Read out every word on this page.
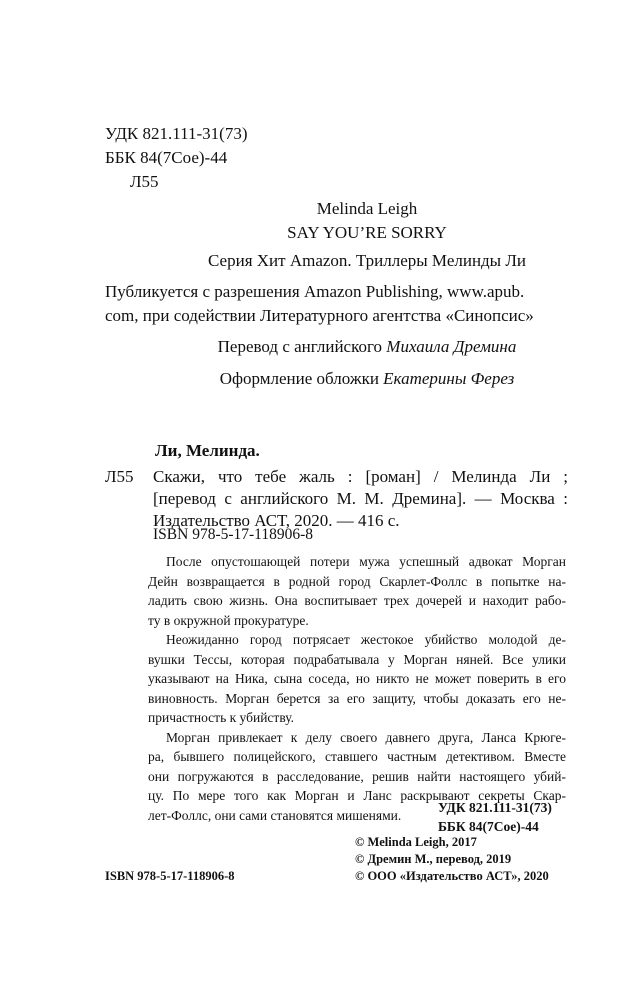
УДК 821.111-31(73)
ББК 84(7Сое)-44
Л55
Melinda Leigh
SAY YOU’RE SORRY
Серия Хит Amazon. Триллеры Мелинды Ли
Публикуется с разрешения Amazon Publishing, www.apub.
com, при содействии Литературного агентства «Синопсис»
Перевод с английского Михаила Дремина
Оформление обложки Екатерины Ферез
Ли, Мелинда.
Л55 Скажи, что тебе жаль : [роман] / Мелинда Ли ;
[перевод с английского М. М. Дремина]. — Москва :
Издательство АСТ, 2020. — 416 с.
ISBN 978-5-17-118906-8
После опустошающей потери мужа успешный адвокат Морган
Дейн возвращается в родной город Скарлет-Фоллс в попытке на-
ладить свою жизнь. Она воспитывает трех дочерей и находит рабо-
ту в окружной прокуратуре.
Неожиданно город потрясает жестокое убийство молодой де-
вушки Тессы, которая подрабатывала у Морган няней. Все улики
указывают на Ника, сына соседа, но никто не может поверить в его
виновность. Морган берется за его защиту, чтобы доказать его не-
причастность к убийству.
Морган привлекает к делу своего давнего друга, Ланса Крюге-
ра, бывшего полицейского, ставшего частным детективом. Вместе
они погружаются в расследование, решив найти настоящего убий-
цу. По мере того как Морган и Ланс раскрывают секреты Скар-
лет-Фоллс, они сами становятся мишенями.	УДК 821.111-31(73)
ББК 84(7Сое)-44
© Melinda Leigh, 2017
© Дремин М., перевод, 2019
© ООО «Издательство АСТ», 2020
ISBN 978-5-17-118906-8
